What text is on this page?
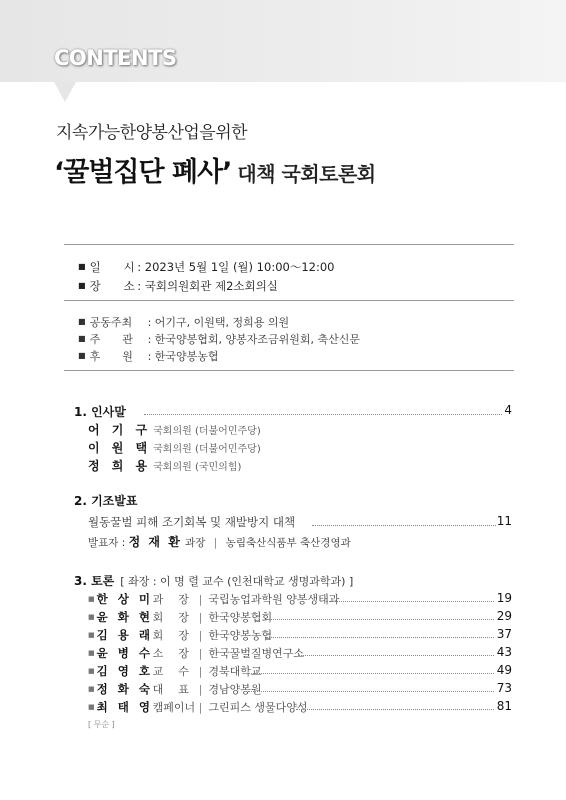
CONTENTS
지속가능한양봉산업을위한
‘꿀벌집단 폐사’ 대책 국회토론회
■ 일　　시 : 2023년 5월 1일 (월) 10:00～12:00
■ 장　　소 : 국회의원회관 제2소회의실
■ 공동주최 : 어기구, 이원택, 정희용 의원
■ 주　　관 : 한국양봉협회, 양봉자조금위원회, 축산신문
■ 후　　원 : 한국양봉농협
1. 인사말	4
어 기 구 국회의원 (더불어민주당)
이 원 택 국회의원 (더불어민주당)
정 희 용 국회의원 (국민의힘)
2. 기조발표
월동꿀벌 피해 조기회복 및 재발방지 대책	11
발표자 : 정 재 환 과장 | 농림축산식품부 축산경영과
3. 토론 [ 좌장 : 이 명 렬 교수 (인천대학교 생명과학과) ]
■ 한 상 미과　장 | 국립농업과학원 양봉생태과	19
■ 윤 화 현회　장 | 한국양봉협회	29
■ 김 용 래회　장 | 한국양봉농협	37
■ 윤 병 수소　장 | 한국꿀벌질병연구소	43
■ 김 영 호교　수 | 경북대학교	49
■ 정 화 숙대　표 | 경남양봉원	73
■ 최 태 영캠페이너 | 그린피스 생물다양성	81
[ 무순 ]
